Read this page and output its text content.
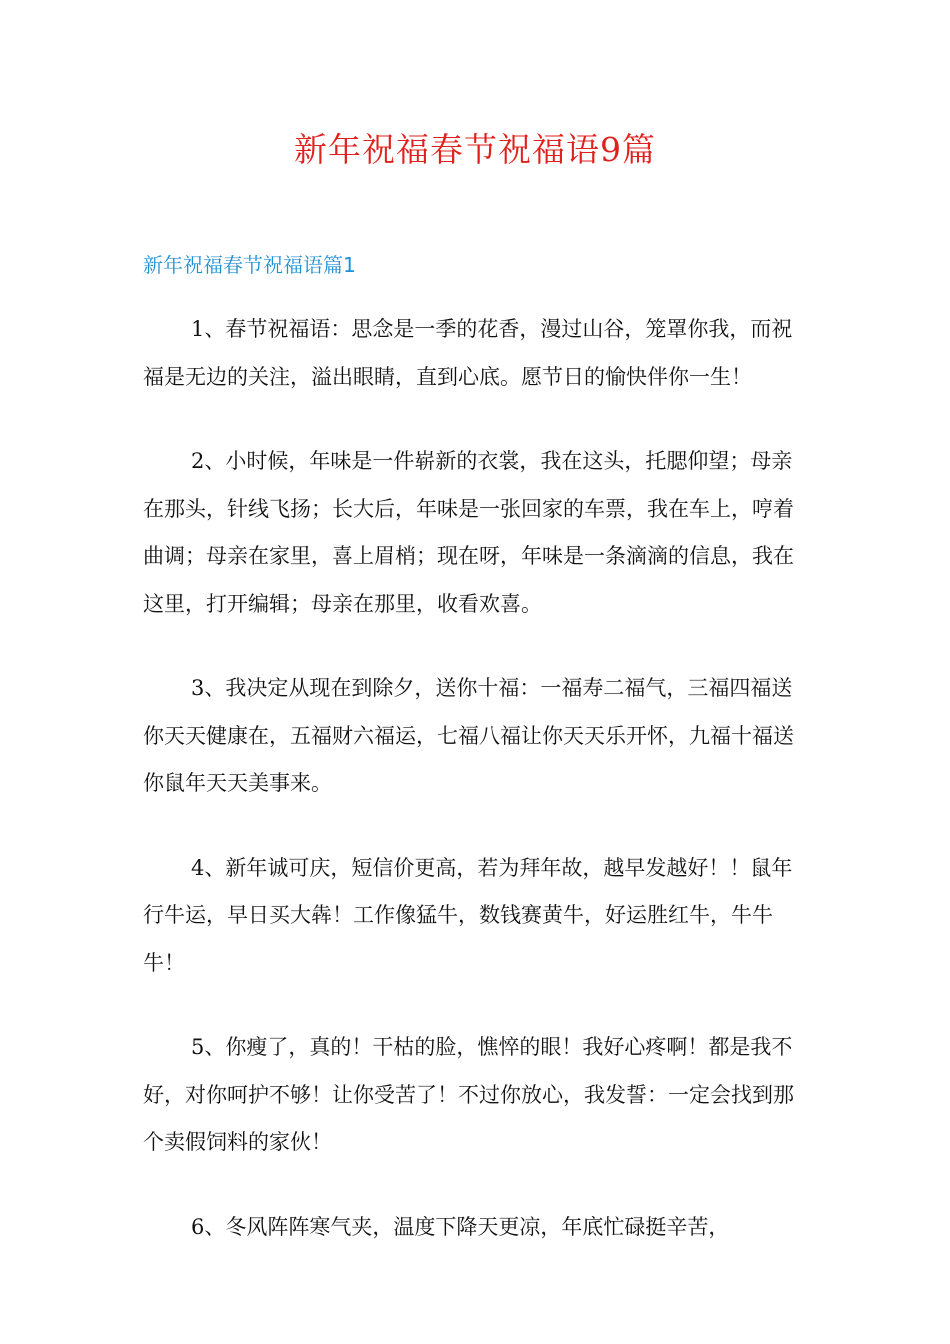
新年祝福春节祝福语9篇
新年祝福春节祝福语篇1

1、春节祝福语：思念是一季的花香，漫过山谷，笼罩你我，而祝福是无边的关注，溢出眼睛，直到心底。愿节日的愉快伴你一生！

2、小时候，年味是一件崭新的衣裳，我在这头，托腮仰望；母亲在那头，针线飞扬；长大后，年味是一张回家的车票，我在车上，哼着曲调；母亲在家里，喜上眉梢；现在呀，年味是一条滴滴的信息，我在这里，打开编辑；母亲在那里，收看欢喜。

3、我决定从现在到除夕，送你十福：一福寿二福气，三福四福送你天天健康在，五福财六福运，七福八福让你天天乐开怀，九福十福送你鼠年天天美事来。

4、新年诚可庆，短信价更高，若为拜年故，越早发越好！！鼠年行牛运，早日买大犇！工作像猛牛，数钱赛黄牛，好运胜红牛，牛牛牛！

5、你瘦了，真的！干枯的脸，憔悴的眼！我好心疼啊！都是我不好，对你呵护不够！让你受苦了！不过你放心，我发誓：一定会找到那个卖假饲料的家伙！

6、冬风阵阵寒气夹，温度下降天更凉，年底忙碌挺辛苦，
